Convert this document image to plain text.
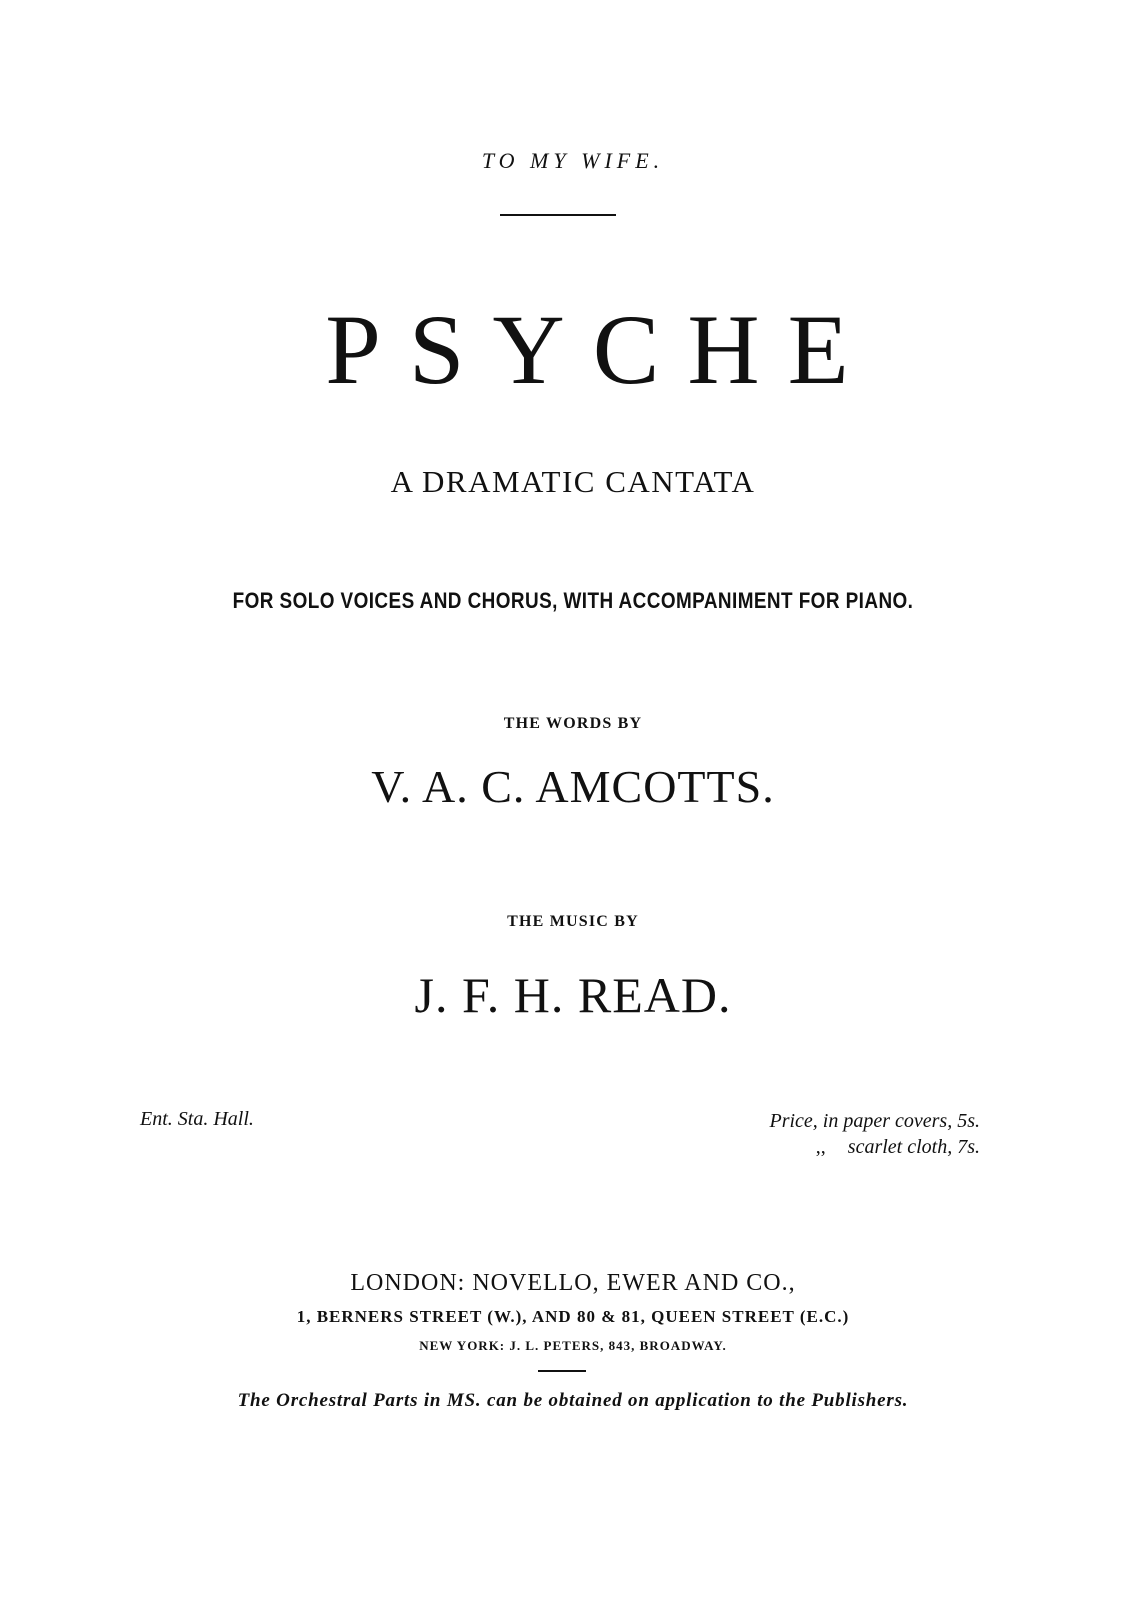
TO MY WIFE.
PSYCHE
A DRAMATIC CANTATA
FOR SOLO VOICES AND CHORUS, WITH ACCOMPANIMENT FOR PIANO.
THE WORDS BY
V. A. C. AMCOTTS.
THE MUSIC BY
J. F. H. READ.
Ent. Sta. Hall.	Price, in paper covers, 5s.
,, scarlet cloth, 7s.
LONDON: NOVELLO, EWER AND CO.,
1, BERNERS STREET (W.), AND 80 & 81, QUEEN STREET (E.C.)
NEW YORK: J. L. PETERS, 843, BROADWAY.
The Orchestral Parts in MS. can be obtained on application to the Publishers.
